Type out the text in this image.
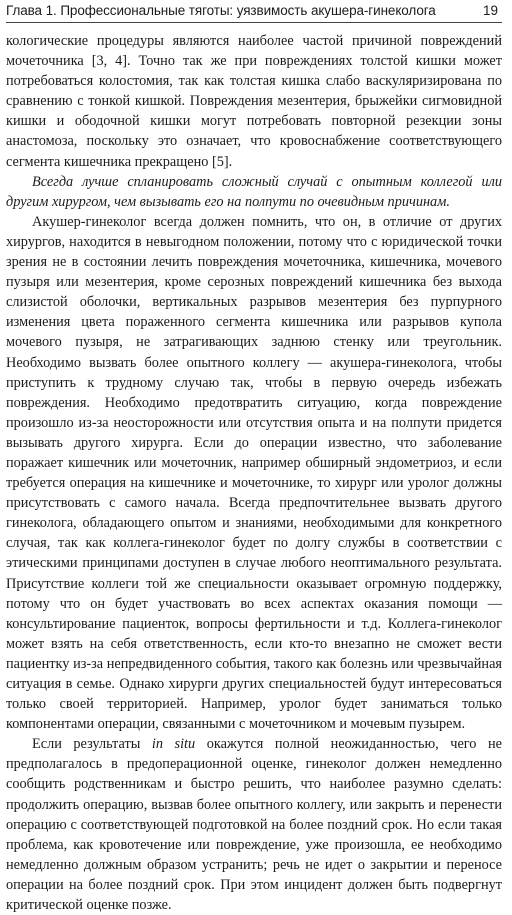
Глава 1. Профессиональные тяготы: уязвимость акушера-гинеколога	19

кологические процедуры являются наиболее частой причиной повреждений мочеточника [3, 4]. Точно так же при повреждениях толстой кишки может потребоваться колостомия, так как толстая кишка слабо васкуляризирована по сравнению с тонкой кишкой. Повреждения мезентерия, брыжейки сигмовидной кишки и ободочной кишки могут потребовать повторной резекции зоны анастомоза, поскольку это означает, что кровоснабжение соответствующего сегмента кишечника прекращено [5].

Всегда лучше спланировать сложный случай с опытным коллегой или другим хирургом, чем вызывать его на полпути по очевидным причинам.

Акушер-гинеколог всегда должен помнить, что он, в отличие от других хирургов, находится в невыгодном положении, потому что с юридической точки зрения не в состоянии лечить повреждения мочеточника, кишечника, мочевого пузыря или мезентерия, кроме серозных повреждений кишечника без выхода слизистой оболочки, вертикальных разрывов мезентерия без пурпурного изменения цвета пораженного сегмента кишечника или разрывов купола мочевого пузыря, не затрагивающих заднюю стенку или треугольник. Необходимо вызвать более опытного коллегу — акушера-гинеколога, чтобы приступить к трудному случаю так, чтобы в первую очередь избежать повреждения. Необходимо предотвратить ситуацию, когда повреждение произошло из-за неосторожности или отсутствия опыта и на полпути придется вызывать другого хирурга. Если до операции известно, что заболевание поражает кишечник или мочеточник, например обширный эндометриоз, и если требуется операция на кишечнике и мочеточнике, то хирург или уролог должны присутствовать с самого начала. Всегда предпочтительнее вызвать другого гинеколога, обладающего опытом и знаниями, необходимыми для конкретного случая, так как коллега-гинеколог будет по долгу службы в соответствии с этическими принципами доступен в случае любого неоптимального результата. Присутствие коллеги той же специальности оказывает огромную поддержку, потому что он будет участвовать во всех аспектах оказания помощи — консультирование пациенток, вопросы фертильности и т.д. Коллега-гинеколог может взять на себя ответственность, если кто-то внезапно не сможет вести пациентку из-за непредвиденного события, такого как болезнь или чрезвычайная ситуация в семье. Однако хирурги других специальностей будут интересоваться только своей территорией. Например, уролог будет заниматься только компонентами операции, связанными с мочеточником и мочевым пузырем.

Если результаты in situ окажутся полной неожиданностью, чего не предполагалось в предоперационной оценке, гинеколог должен немедленно сообщить родственникам и быстро решить, что наиболее разумно сделать: продолжить операцию, вызвав более опытного коллегу, или закрыть и перенести операцию с соответствующей подготовкой на более поздний срок. Но если такая проблема, как кровотечение или повреждение, уже произошла, ее необходимо немедленно должным образом устранить; речь не идет о закрытии и переносе операции на более поздний срок. При этом инцидент должен быть подвергнут критической оценке позже.
